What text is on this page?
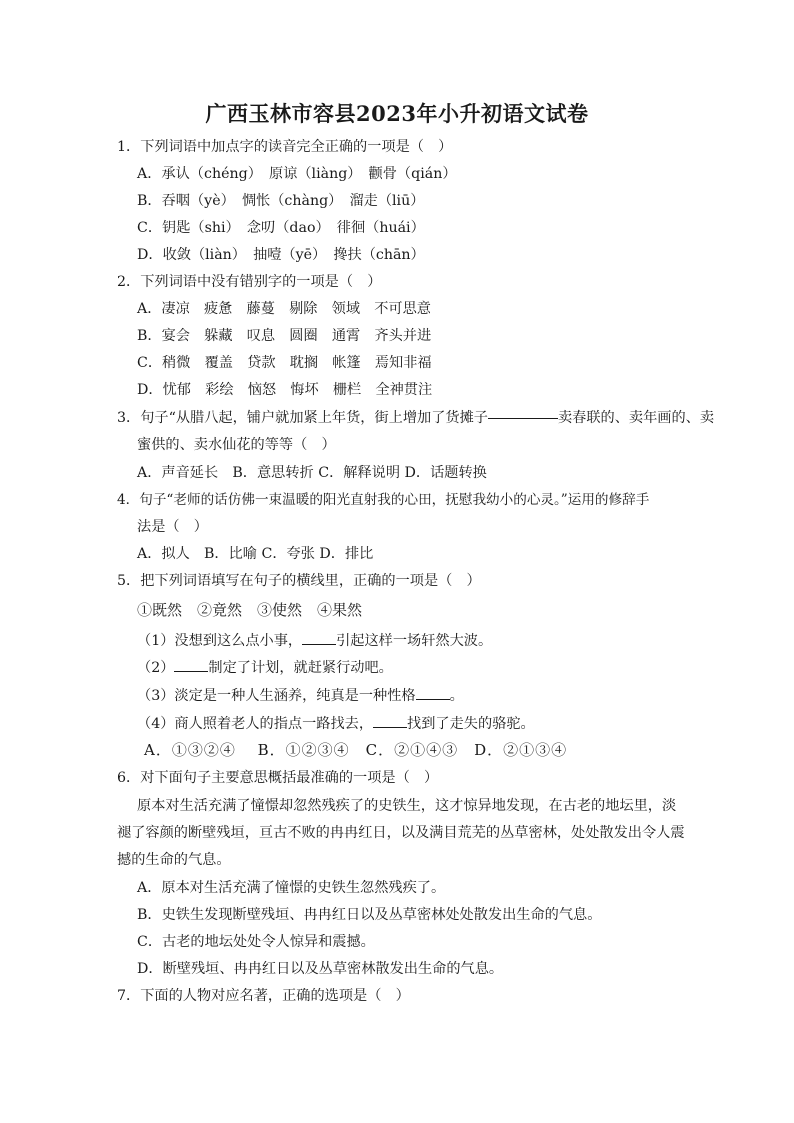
广西玉林市容县2023年小升初语文试卷
1．下列词语中加点字的读音完全正确的一项是（　）
A．承认（chéng）　原谅（liàng）　颧骨（qián）
B．吞咽（yè）　惆怅（chàng）　溜走（liū）
C．钥匙（shi）　念叨（dao）　徘徊（huái）
D．收敛（liàn）　抽噎（yē）　搀扶（chān）
2．下列词语中没有错别字的一项是（　）
A．凄凉　疲惫　藤蔓　剔除　领域　不可思意
B．宴会　躲藏　叹息　圆圈　通霄　齐头并进
C．稍微　覆盖　贷款　耽搁　帐篷　焉知非福
D．忧郁　彩绘　恼怒　悔坏　栅栏　全神贯注
3．句子“从腊八起，铺户就加紧上年货，街上增加了货摊子	卖春联的、卖年画的、卖
蜜供的、卖水仙花的等等（　）
A．声音延长　B．意思转折 C．解释说明 D．话题转换
4．句子“老师的话仿佛一束温暖的阳光直射我的心田，抚慰我幼小的心灵。”运用的修辞手
法是（　）
A．拟人　B．比喻 C．夸张 D．排比
5．把下列词语填写在句子的横线里，正确的一项是（　）
①既然　②竟然　③使然　④果然
（1）没想到这么点小事， 引起这样一场轩然大波。
（2） 制定了计划，就赶紧行动吧。
（3）淡定是一种人生涵养，纯真是一种性格 。
（4）商人照着老人的指点一路找去， 找到了走失的骆驼。
A．①③②④　 B．①②③④　C．②①④③　D．②①③④
6．对下面句子主要意思概括最准确的一项是（　）
原本对生活充满了憧憬却忽然残疾了的史铁生，这才惊异地发现，在古老的地坛里，淡
褪了容颜的断壁残垣，亘古不败的冉冉红日，以及满目荒芜的丛草密林，处处散发出令人震
撼的生命的气息。
A．原本对生活充满了憧憬的史铁生忽然残疾了。
B．史铁生发现断壁残垣、冉冉红日以及丛草密林处处散发出生命的气息。
C．古老的地坛处处令人惊异和震撼。
D．断壁残垣、冉冉红日以及丛草密林散发出生命的气息。
7．下面的人物对应名著，正确的选项是（　）
